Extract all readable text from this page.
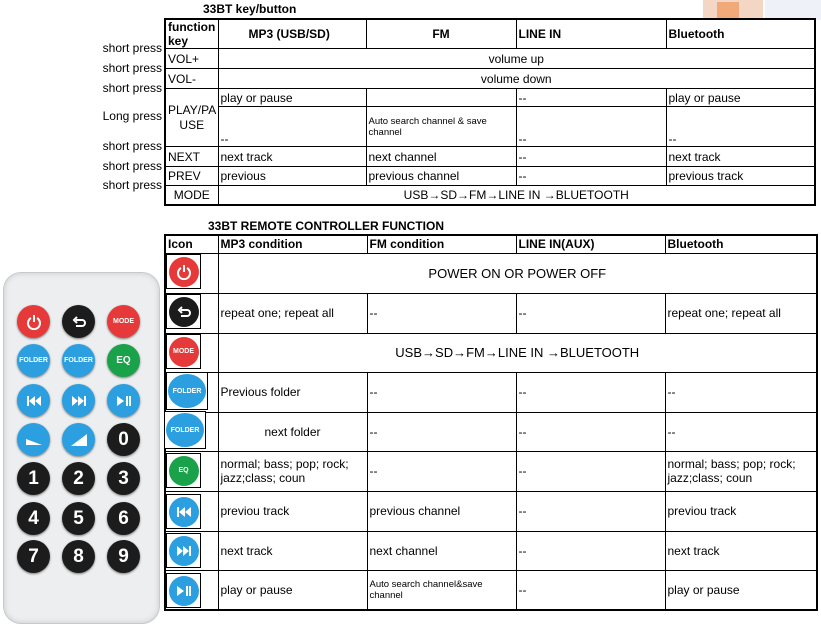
33BT key/button
short press
short press
short press
Long press
short press
short press
short press
function key	MP3 (USB/SD)	FM	LINE IN	Bluetooth
VOL+	volume up			
VOL-	volume down			
PLAY/PA USE	play or pause		--	play or pause
	--	Auto search channel & save channel	--	--
NEXT	next track	next channel	--	next track
PREV	previous	previous channel	--	previous track
MODE	USB→SD→FM→LINE IN →BLUETOOTH			
33BT REMOTE CONTROLLER FUNCTION
Icon	MP3 condition	FM condition	LINE IN(AUX)	Bluetooth
	POWER ON OR POWER OFF			
	repeat one; repeat all	--	--	repeat one; repeat all
	USB→SD→FM→LINE IN →BLUETOOTH			
	Previous folder	--	--	--
	next folder	--	--	--
	normal; bass; pop; rock; jazz;class; coun	--	--	normal; bass; pop; rock; jazz;class; coun
	previou track	previous channel	--	previou track
	next track	next channel	--	next track
	play or pause	Auto search channel&save channel	--	play or pause
MODE
FOLDER
FOLDER
EQ
MODE
FOLDER	FOLDER	EQ
0
1	2	3
4	5	6
7	8	9
